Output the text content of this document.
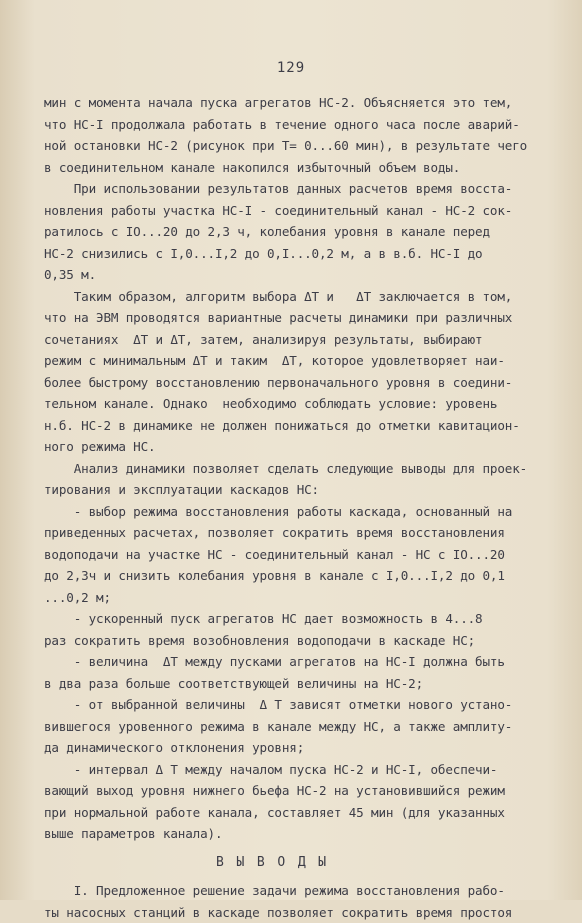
129
мин с момента начала пуска агрегатов НС-2. Объясняется это тем,
что НС-I продолжала работать в течение одного часа после аварий-
ной остановки НС-2 (рисунок при T= 0...60 мин), в результате чего
в соединительном канале накопился избыточный объем воды.
При использовании результатов данных расчетов время восста-
новления работы участка НС-I - соединительный канал - НС-2 сок-
ратилось с IO...20 до 2,3 ч, колебания уровня в канале перед
НС-2 снизились с I,0...I,2 до 0,I...0,2 м, а в в.б. НС-I до
0,35 м.
Таким образом, алгоритм выбора ΔT и   ΔT заключается в том,
что на ЭВМ проводятся вариантные расчеты динамики при различных
сочетаниях  ΔT и ΔT, затем, анализируя результаты, выбирают
режим с минимальным ΔT и таким  ΔT, которое удовлетворяет наи-
более быстрому восстановлению первоначального уровня в соедини-
тельном канале. Однако  необходимо соблюдать условие: уровень
н.б. НС-2 в динамике не должен понижаться до отметки кавитацион-
ного режима НС.
Анализ динамики позволяет сделать следующие выводы для проек-
тирования и эксплуатации каскадов НС:
- выбор режима восстановления работы каскада, основанный на
приведенных расчетах, позволяет сократить время восстановления
водоподачи на участке НС - соединительный канал - НС с IO...20
до 2,3ч и снизить колебания уровня в канале с I,0...I,2 до 0,1
...0,2 м;
- ускоренный пуск агрегатов НС дает возможность в 4...8
раз сократить время возобновления водоподачи в каскаде НС;
- величина  ΔT между пусками агрегатов на НС-I должна быть
в два раза больше соответствующей величины на НС-2;
- от выбранной величины  Δ T зависят отметки нового устано-
вившегося уровенного режима в канале между НС, а также амплиту-
да динамического отклонения уровня;
- интервал Δ T между началом пуска НС-2 и НС-I, обеспечи-
вающий выход уровня нижнего бьефа НС-2 на установившийся режим
при нормальной работе канала, составляет 45 мин (для указанных
выше параметров канала).
В Ы В О Д Ы
I. Предложенное решение задачи режима восстановления рабо-
ты насосных станций в каскаде позволяет сократить время простоя
